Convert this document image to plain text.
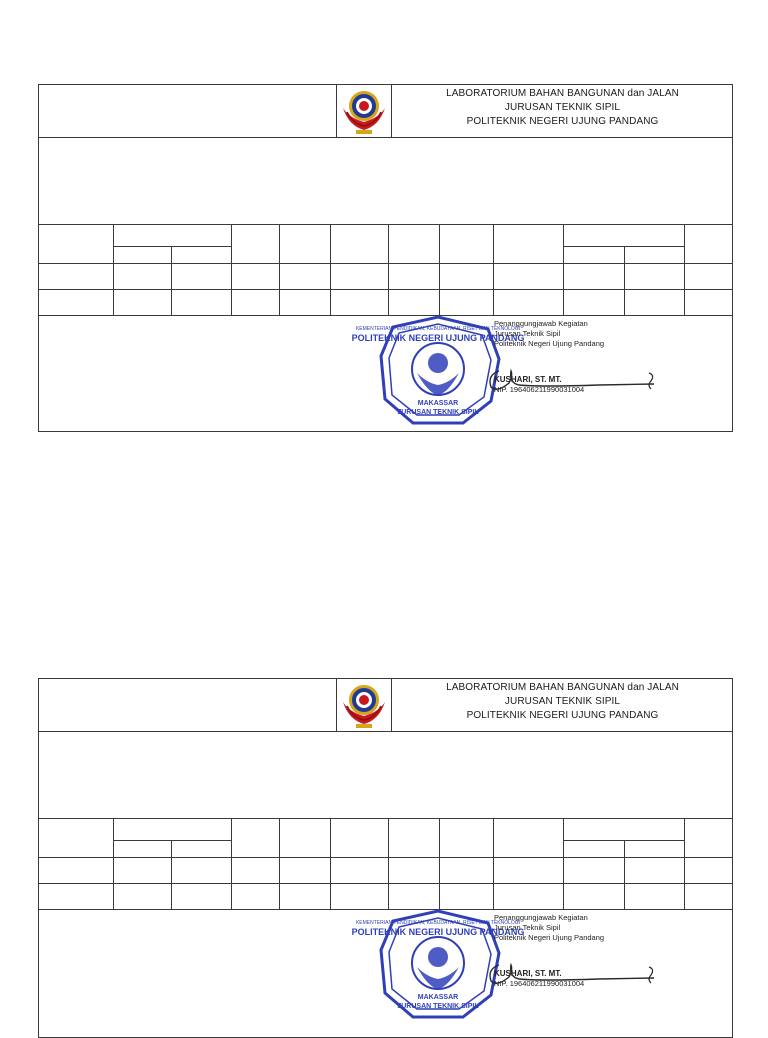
LABORATORIUM BAHAN BANGUNAN dan JALAN
JURUSAN TEKNIK SIPIL
POLITEKNIK NEGERI UJUNG PANDANG
POLITEKNIK NEGERI UJUNG PANDANG
KEMENTERIAN PENDIDIKAN, KEBUDAYAAN, RISET DAN TEKNOLOGI
MAKASSAR
JURUSAN TEKNIK SIPIL
Penanggungjawab Kegiatan
Jurusan Teknik Sipil
Politeknik Negeri Ujung Pandang
KUSHARI, ST. MT.
NIP. 196406211990031004
LABORATORIUM BAHAN BANGUNAN dan JALAN
JURUSAN TEKNIK SIPIL
POLITEKNIK NEGERI UJUNG PANDANG
POLITEKNIK NEGERI UJUNG PANDANG
KEMENTERIAN PENDIDIKAN, KEBUDAYAAN, RISET DAN TEKNOLOGI
MAKASSAR
JURUSAN TEKNIK SIPIL
Penanggungjawab Kegiatan
Jurusan Teknik Sipil
Politeknik Negeri Ujung Pandang
KUSHARI, ST. MT.
NIP. 196406211990031004
